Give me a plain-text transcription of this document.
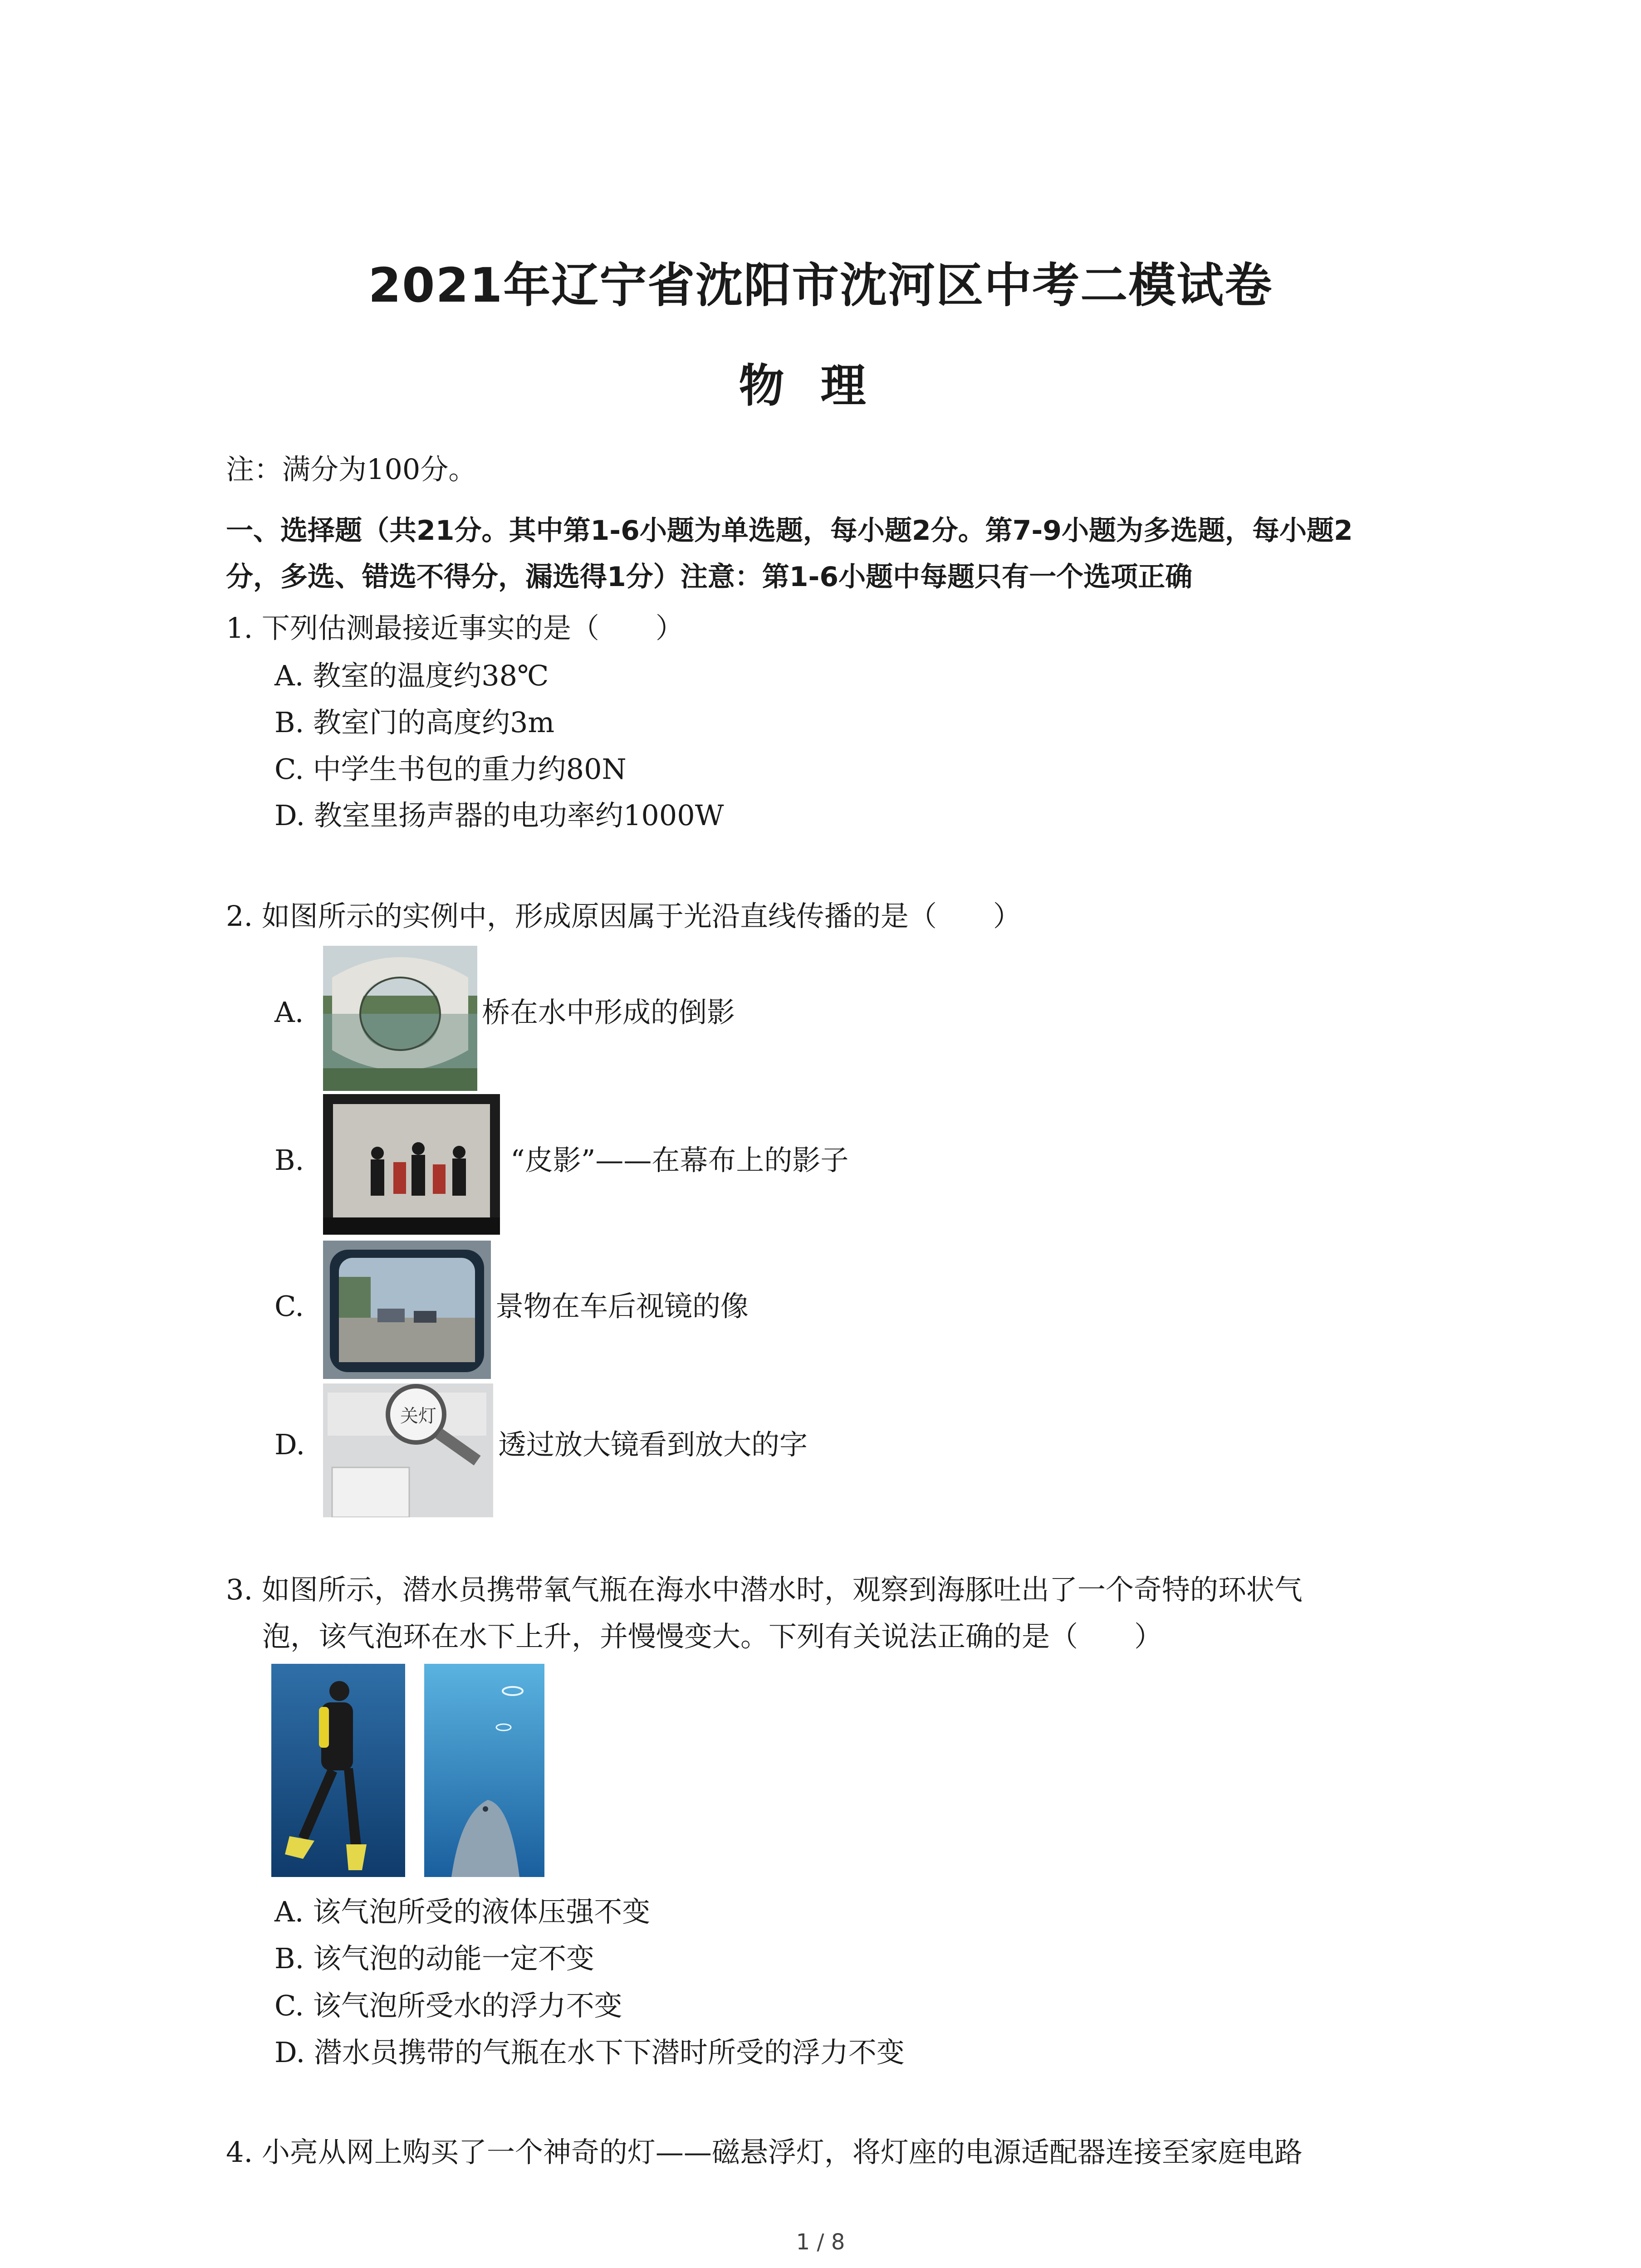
2021年辽宁省沈阳市沈河区中考二模试卷
物理
注：满分为100分。
一、选择题（共21分。其中第1-6小题为单选题，每小题2分。第7-9小题为多选题，每小题2
分，多选、错选不得分，漏选得1分）注意：第1-6小题中每题只有一个选项正确
1. 下列估测最接近事实的是（　　）
A. 教室的温度约38℃
B. 教室门的高度约3m
C. 中学生书包的重力约80N
D. 教室里扬声器的电功率约1000W
2. 如图所示的实例中，形成原因属于光沿直线传播的是（　　）
A.	桥在水中形成的倒影
B.	“皮影”——在幕布上的影子
C.	景物在车后视镜的像
D.
关灯
透过放大镜看到放大的字
3. 如图所示，潜水员携带氧气瓶在海水中潜水时，观察到海豚吐出了一个奇特的环状气
泡，该气泡环在水下上升，并慢慢变大。下列有关说法正确的是（　　）
A. 该气泡所受的液体压强不变
B. 该气泡的动能一定不变
C. 该气泡所受水的浮力不变
D. 潜水员携带的气瓶在水下下潜时所受的浮力不变
4. 小亮从网上购买了一个神奇的灯——磁悬浮灯，将灯座的电源适配器连接至家庭电路
1 / 8
